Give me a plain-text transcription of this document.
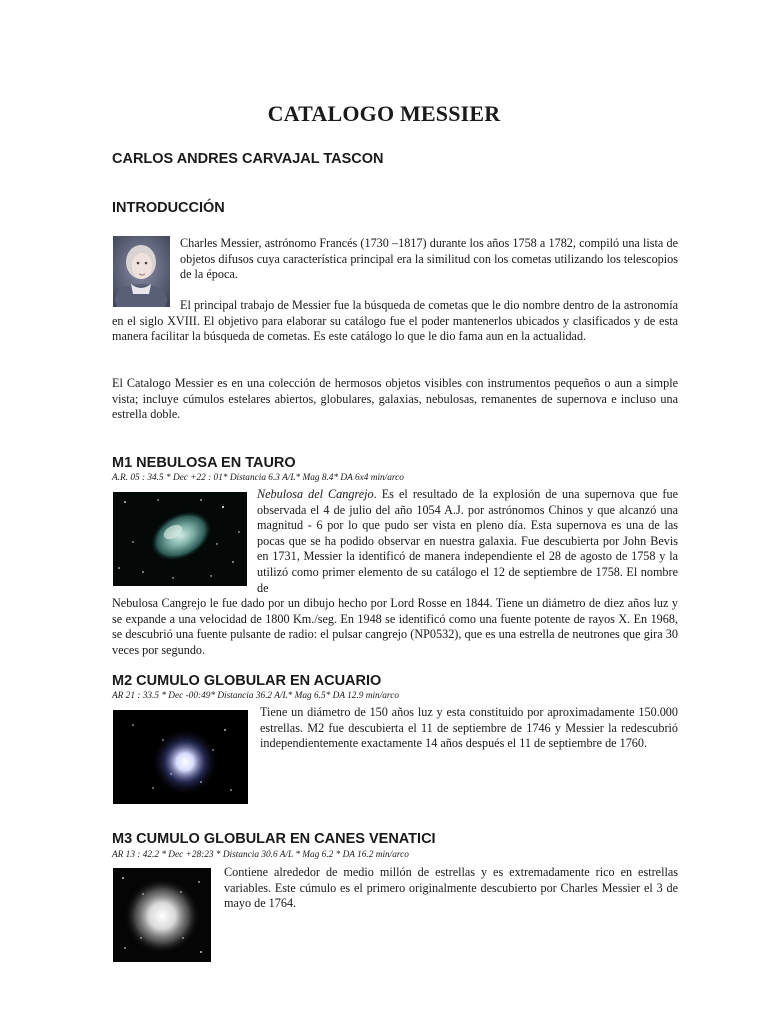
CATALOGO MESSIER
CARLOS ANDRES CARVAJAL TASCON
INTRODUCCIÓN

Charles Messier, astrónomo Francés (1730 –1817) durante los años 1758 a 1782, compiló una lista de objetos difusos cuya característica principal era la similitud con los cometas utilizando los telescopios de la época.

El principal trabajo de Messier fue la búsqueda de cometas que le dio nombre dentro de la astronomía en el siglo XVIII. El objetivo para elaborar su catálogo fue el poder mantenerlos ubicados y clasificados y de esta manera facilitar la búsqueda de cometas. Es este catálogo lo que le dio fama aun en la actualidad.

El Catalogo Messier es en una colección de hermosos objetos visibles con instrumentos pequeños o aun a simple vista; incluye cúmulos estelares abiertos, globulares, galaxias, nebulosas, remanentes de supernova e incluso una estrella doble.

M1 NEBULOSA EN TAURO
A.R. 05 : 34.5 * Dec +22 : 01* Distancia 6.3 A/L* Mag 8.4* DA 6x4 min/arco

Nebulosa del Cangrejo. Es el resultado de la explosión de una supernova que fue observada el 4 de julio del año 1054 A.J. por astrónomos Chinos y que alcanzó una magnitud - 6 por lo que pudo ser vista en pleno día. Esta supernova es una de las pocas que se ha podido observar en nuestra galaxia. Fue descubierta por John Bevis en 1731, Messier la identificó de manera independiente el 28 de agosto de 1758 y la utilizó como primer elemento de su catálogo el 12 de septiembre de 1758. El nombre de

Nebulosa Cangrejo le fue dado por un dibujo hecho por Lord Rosse en 1844. Tiene un diámetro de diez años luz y se expande a una velocidad de 1800 Km./seg. En 1948 se identificó como una fuente potente de rayos X. En 1968, se descubrió una fuente pulsante de radio: el pulsar cangrejo (NP0532), que es una estrella de neutrones que gira 30 veces por segundo.

M2 CUMULO GLOBULAR EN ACUARIO
AR 21 : 33.5 * Dec -00:49* Distancia 36.2 A/L* Mag 6.5* DA 12.9 min/arco

Tiene un diámetro de 150 años luz y esta constituido por aproximadamente 150.000 estrellas. M2 fue descubierta el 11 de septiembre de 1746 y Messier la redescubrió independientemente exactamente 14 años después el 11 de septiembre de 1760.

M3 CUMULO GLOBULAR EN CANES VENATICI
AR 13 : 42.2 * Dec +28:23 * Distancia 30.6 A/L * Mag 6.2 * DA 16.2 min/arco

Contiene alrededor de medio millón de estrellas y es extremadamente rico en estrellas variables. Este cúmulo es el primero originalmente descubierto por Charles Messier el 3 de mayo de 1764.
